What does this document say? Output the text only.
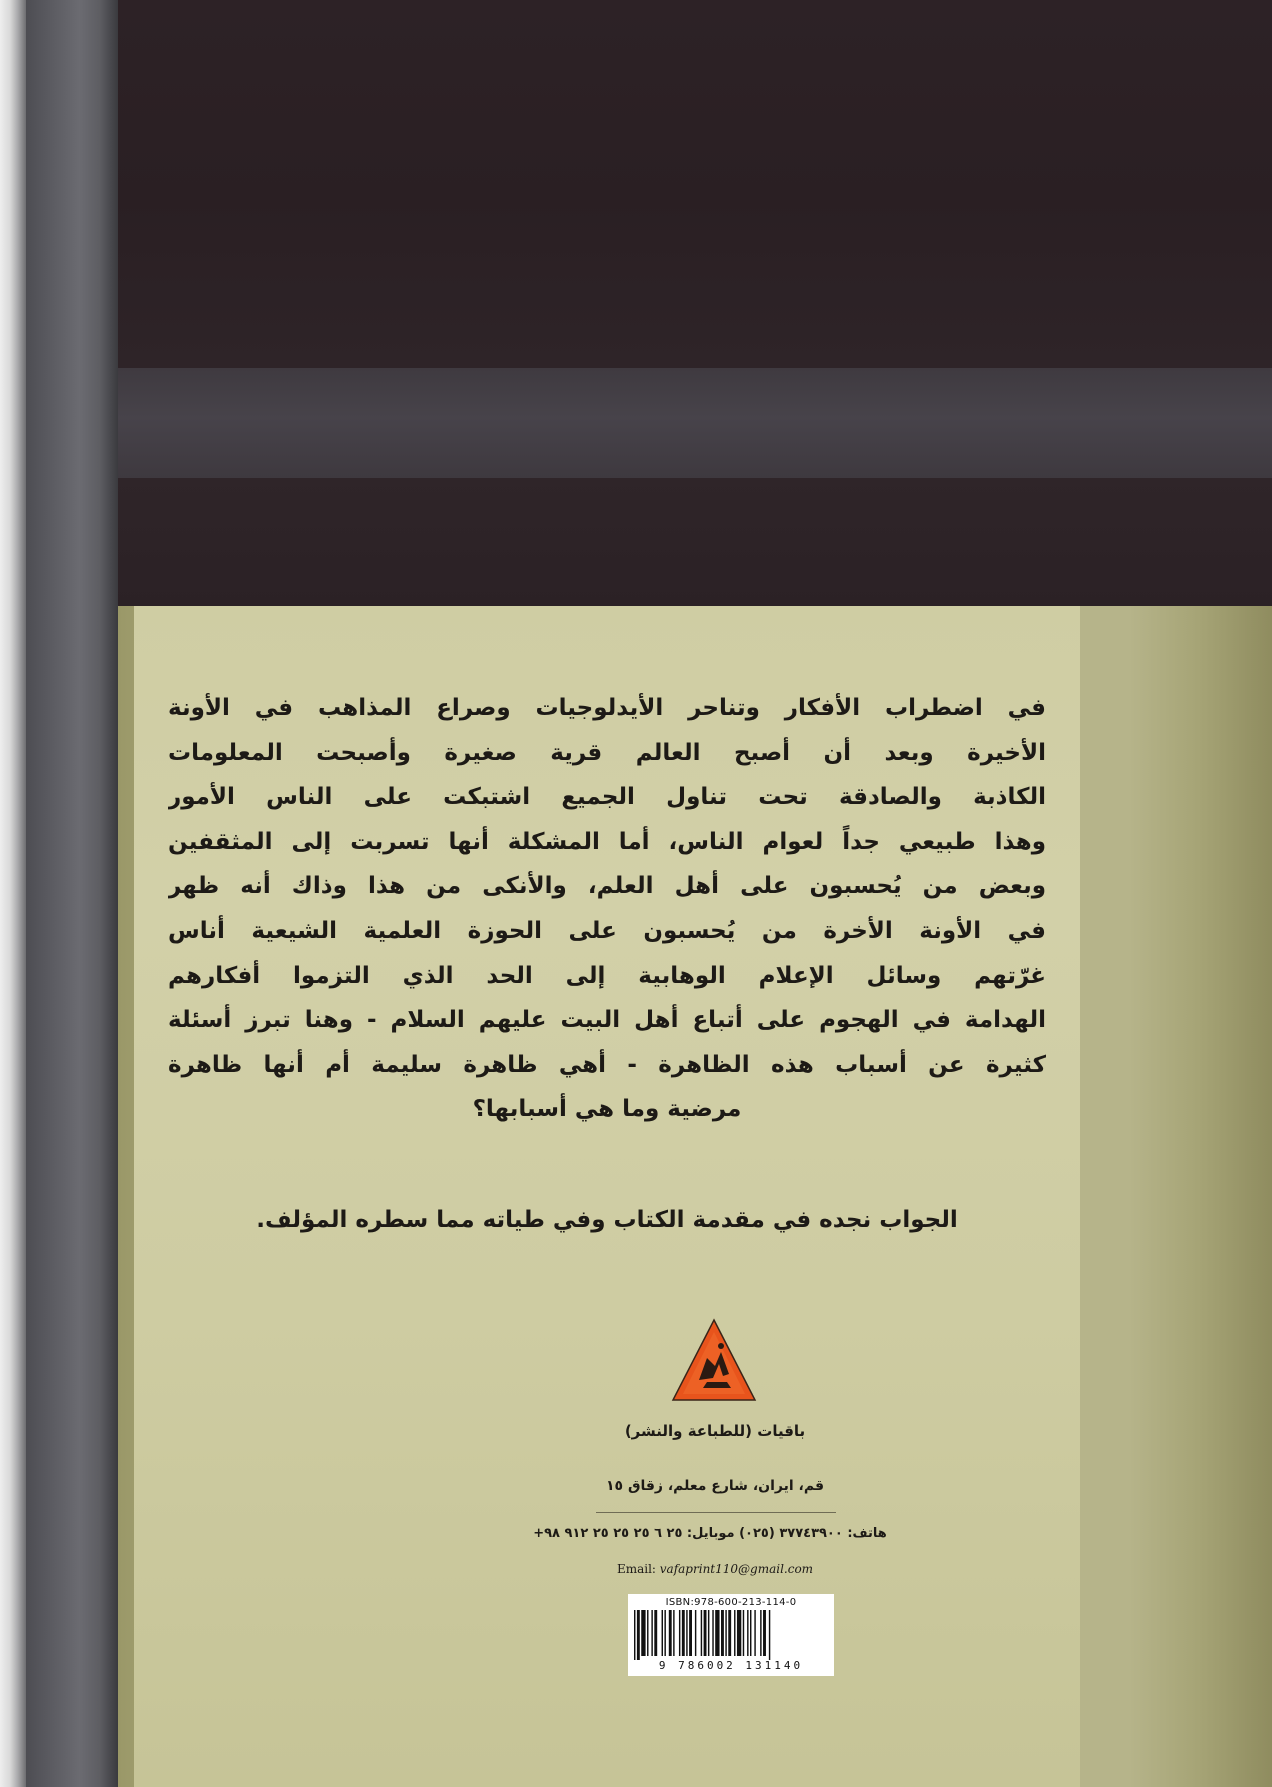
في اضطراب الأفكار وتناحر الأيدلوجيات وصراع المذاهب في الأونة
الأخيرة وبعد أن أصبح العالم قرية صغيرة وأصبحت المعلومات
الكاذبة والصادقة تحت تناول الجميع اشتبكت على الناس الأمور
وهذا طبيعي جداً لعوام الناس، أما المشكلة أنها تسربت إلى المثقفين
وبعض من يُحسبون على أهل العلم، والأنكى من هذا وذاك أنه ظهر
في الأونة الأخرة من يُحسبون على الحوزة العلمية الشيعية أناس
غرّتهم وسائل الإعلام الوهابية إلى الحد الذي التزموا أفكارهم
الهدامة في الهجوم على أتباع أهل البيت عليهم السلام - وهنا تبرز أسئلة
كثيرة عن أسباب هذه الظاهرة - أهي ظاهرة سليمة أم أنها ظاهرة
مرضية وما هي أسبابها؟
الجواب نجده في مقدمة الكتاب وفي طياته مما سطره المؤلف.
باقيات (للطباعة والنشر)
قم، ايران، شارع معلم، زقاق ١٥
هاتف: ٣٧٧٤٣٩٠٠ (٠٢٥) موبايل: ٢٥ ٦ ٢٥ ٢٥ ٢٥ ٩١٢ ٩٨+
Email: vafaprint110@gmail.com
ISBN:978-600-213-114-0
9 786002 131140
